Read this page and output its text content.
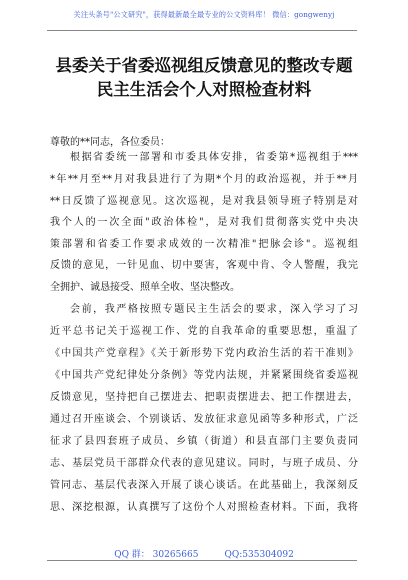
关注头条号"公文研究"，获得最新最全最专业的公文资料库！ 微信：gongwenyj
县委关于省委巡视组反馈意见的整改专题
民主生活会个人对照检查材料
尊敬的**同志，各位委员：
根据省委统一部署和市委具体安排，省委第*巡视组于***
*年**月至**月对我县进行了为期*个月的政治巡视，并于**月
**日反馈了巡视意见。这次巡视，是对我县领导班子特别是对
我个人的一次全面"政治体检"，是对我们贯彻落实党中央决
策部署和省委工作要求成效的一次精准"把脉会诊"。巡视组
反馈的意见，一针见血、切中要害，客观中肯、令人警醒，我完
全拥护、诚恳接受、照单全收、坚决整改。
会前，我严格按照专题民主生活会的要求，深入学习了习
近平总书记关于巡视工作、党的自我革命的重要思想，重温了
《中国共产党章程》《关于新形势下党内政治生活的若干准则》
《中国共产党纪律处分条例》等党内法规，并紧紧围绕省委巡视
反馈意见，坚持把自己摆进去、把职责摆进去、把工作摆进去，
通过召开座谈会、个别谈话、发放征求意见函等多种形式，广泛
征求了县四套班子成员、乡镇（街道）和县直部门主要负责同
志、基层党员干部群众代表的意见建议。同时，与班子成员、分
管同志、基层代表深入开展了谈心谈话。在此基础上，我深刻反
思、深挖根源，认真撰写了这份个人对照检查材料。下面，我将
QQ 群： 30265665	QQ:535304092
